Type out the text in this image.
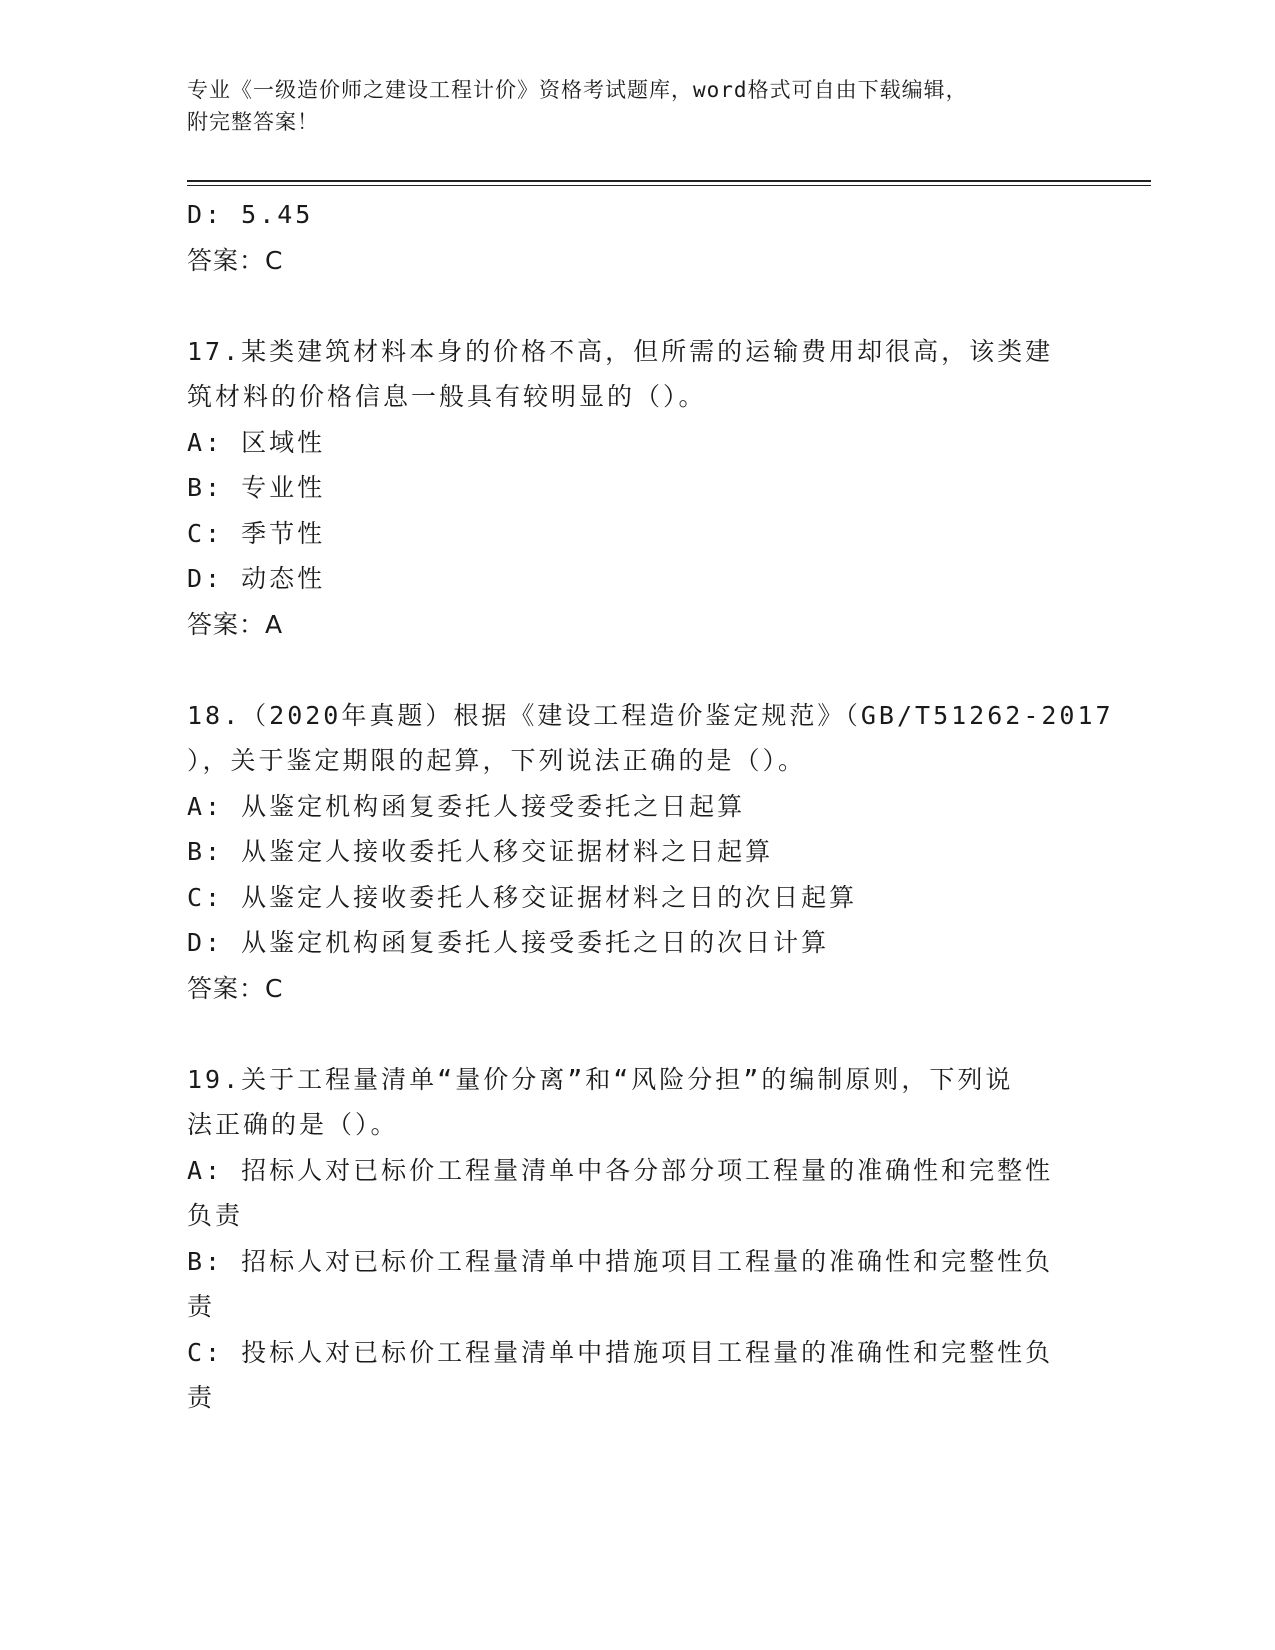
专业《一级造价师之建设工程计价》资格考试题库，word格式可自由下载编辑，
附完整答案！
D: 5.45
答案：C
17.某类建筑材料本身的价格不高，但所需的运输费用却很高，该类建
筑材料的价格信息一般具有较明显的（）。
A: 区域性
B: 专业性
C: 季节性
D: 动态性
答案：A
18.（2020年真题）根据《建设工程造价鉴定规范》（GB/T51262-2017
），关于鉴定期限的起算，下列说法正确的是（）。
A: 从鉴定机构函复委托人接受委托之日起算
B: 从鉴定人接收委托人移交证据材料之日起算
C: 从鉴定人接收委托人移交证据材料之日的次日起算
D: 从鉴定机构函复委托人接受委托之日的次日计算
答案：C
19.关于工程量清单“量价分离”和“风险分担”的编制原则，下列说
法正确的是（）。
A: 招标人对已标价工程量清单中各分部分项工程量的准确性和完整性
负责
B: 招标人对已标价工程量清单中措施项目工程量的准确性和完整性负
责
C: 投标人对已标价工程量清单中措施项目工程量的准确性和完整性负
责
